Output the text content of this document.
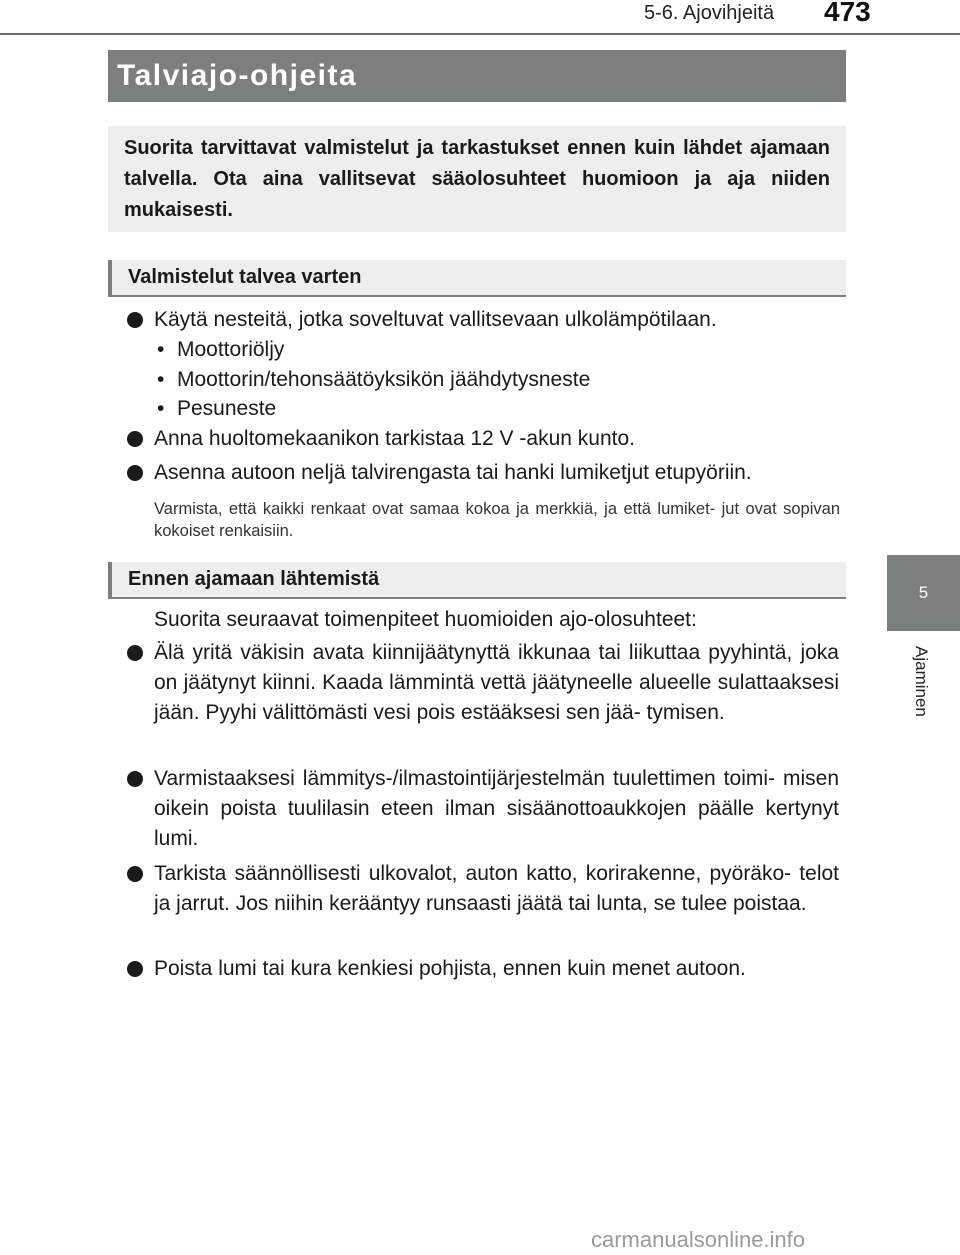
5-6. Ajovihjeitä 473
5
Ajaminen
Talviajo-ohjeita
Suorita tarvittavat valmistelut ja tarkastukset ennen kuin lähdet ajamaan talvella. Ota aina vallitsevat sääolosuhteet huomioon ja aja niiden mukaisesti.
Valmistelut talvea varten
Käytä nesteitä, jotka soveltuvat vallitsevaan ulkolämpötilaan.
• Moottoriöljy
• Moottorin/tehonsäätöyksikön jäähdytysneste
• Pesuneste
Anna huoltomekaanikon tarkistaa 12 V -akun kunto.
Asenna autoon neljä talvirengasta tai hanki lumiketjut etupyöriin.
Varmista, että kaikki renkaat ovat samaa kokoa ja merkkiä, ja että lumiket- jut ovat sopivan kokoiset renkaisiin.
Ennen ajamaan lähtemistä
Suorita seuraavat toimenpiteet huomioiden ajo-olosuhteet:
Älä yritä väkisin avata kiinnijäätynyttä ikkunaa tai liikuttaa pyyhintä, joka on jäätynyt kiinni. Kaada lämmintä vettä jäätyneelle alueelle sulattaaksesi jään. Pyyhi välittömästi vesi pois estääksesi sen jää- tymisen.
Varmistaaksesi lämmitys-/ilmastointijärjestelmän tuulettimen toimi- misen oikein poista tuulilasin eteen ilman sisäänottoaukkojen päälle kertynyt lumi.
Tarkista säännöllisesti ulkovalot, auton katto, korirakenne, pyöräko- telot ja jarrut. Jos niihin kerääntyy runsaasti jäätä tai lunta, se tulee poistaa.
Poista lumi tai kura kenkiesi pohjista, ennen kuin menet autoon.
carmanualsonline.info
